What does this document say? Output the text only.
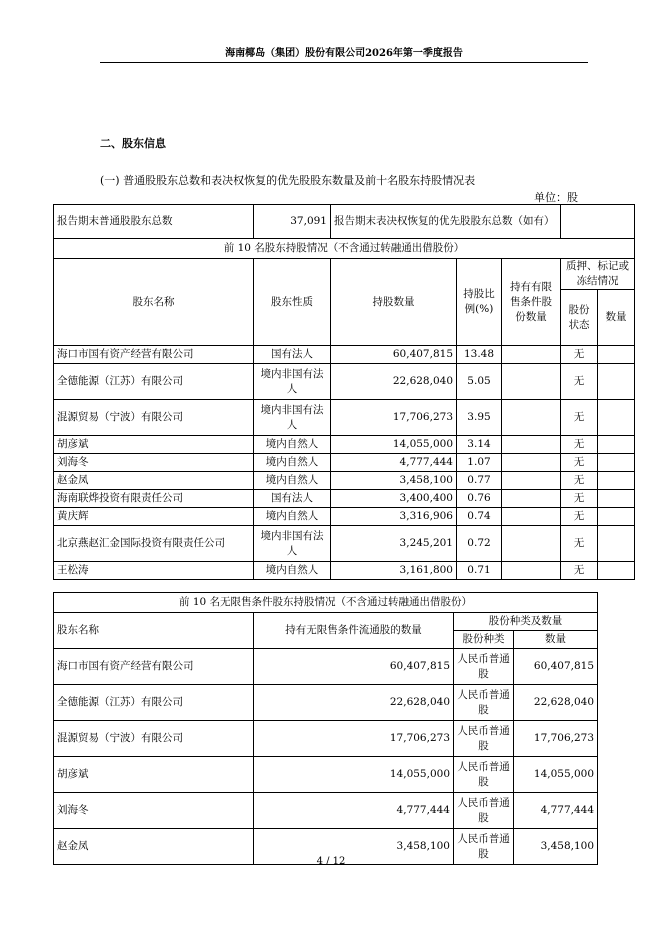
海南椰岛（集团）股份有限公司2026年第一季度报告
二、股东信息
(一) 普通股股东总数和表决权恢复的优先股股东数量及前十名股东持股情况表
单位：股
报告期末普通股股东总数	37,091	报告期末表决权恢复的优先股股东总数（如有）				
前 10 名股东持股情况（不含通过转融通出借股份）						
股东名称	股东性质	持股数量	持股比例(%)	持有有限售条件股份数量	质押、标记或冻结情况	
					股份状态	数量
海口市国有资产经营有限公司	国有法人	60,407,815	13.48		无	
全德能源（江苏）有限公司	境内非国有法人	22,628,040	5.05		无	
混源贸易（宁波）有限公司	境内非国有法人	17,706,273	3.95		无	
胡彦斌	境内自然人	14,055,000	3.14		无	
刘海冬	境内自然人	4,777,444	1.07		无	
赵金凤	境内自然人	3,458,100	0.77		无	
海南联烨投资有限责任公司	国有法人	3,400,400	0.76		无	
黄庆辉	境内自然人	3,316,906	0.74		无	
北京燕赵汇金国际投资有限责任公司	境内非国有法人	3,245,201	0.72		无	
王松涛	境内自然人	3,161,800	0.71		无	
前 10 名无限售条件股东持股情况（不含通过转融通出借股份）			
股东名称	持有无限售条件流通股的数量	股份种类及数量	
		股份种类	数量
海口市国有资产经营有限公司	60,407,815	人民币普通股	60,407,815
全德能源（江苏）有限公司	22,628,040	人民币普通股	22,628,040
混源贸易（宁波）有限公司	17,706,273	人民币普通股	17,706,273
胡彦斌	14,055,000	人民币普通股	14,055,000
刘海冬	4,777,444	人民币普通股	4,777,444
赵金凤	3,458,100	人民币普通股	3,458,100
4 / 12
